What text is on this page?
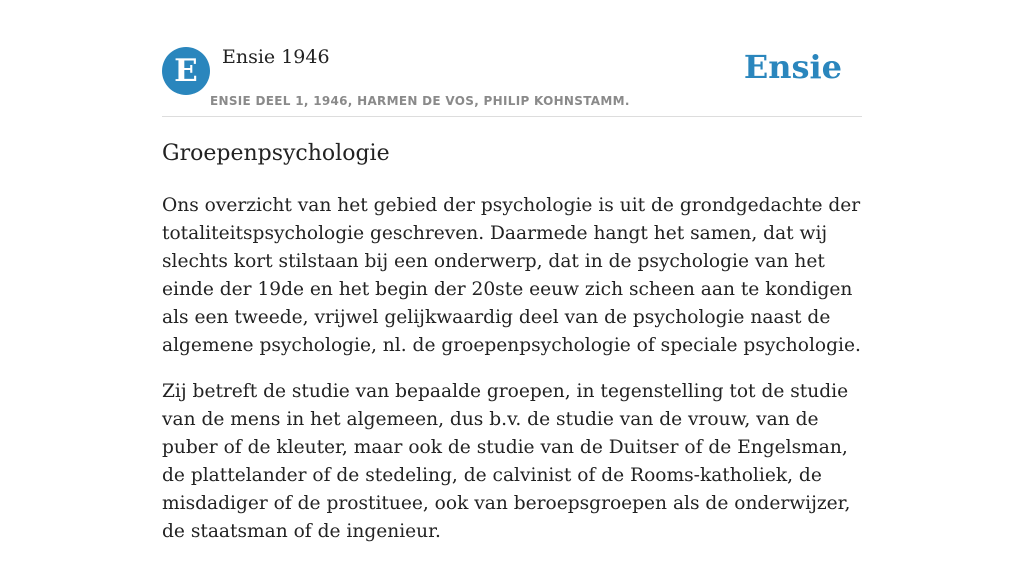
E	Ensie 1946
ENSIE DEEL 1, 1946, HARMEN DE VOS, PHILIP KOHNSTAMM.
Ensie
Groepenpsychologie

Ons overzicht van het gebied der psychologie is uit de grondgedachte der totaliteitspsychologie geschreven. Daarmede hangt het samen, dat wij slechts kort stilstaan bij een onderwerp, dat in de psychologie van het einde der 19de en het begin der 20ste eeuw zich scheen aan te kondigen als een tweede, vrijwel gelijkwaardig deel van de psychologie naast de algemene psychologie, nl. de groepenpsychologie of speciale psychologie.

Zij betreft de studie van bepaalde groepen, in tegenstelling tot de studie van de mens in het algemeen, dus b.v. de studie van de vrouw, van de puber of de kleuter, maar ook de studie van de Duitser of de Engelsman, de plattelander of de stedeling, de calvinist of de Rooms-katholiek, de misdadiger of de prostituee, ook van beroepsgroepen als de onderwijzer, de staatsman of de ingenieur.
